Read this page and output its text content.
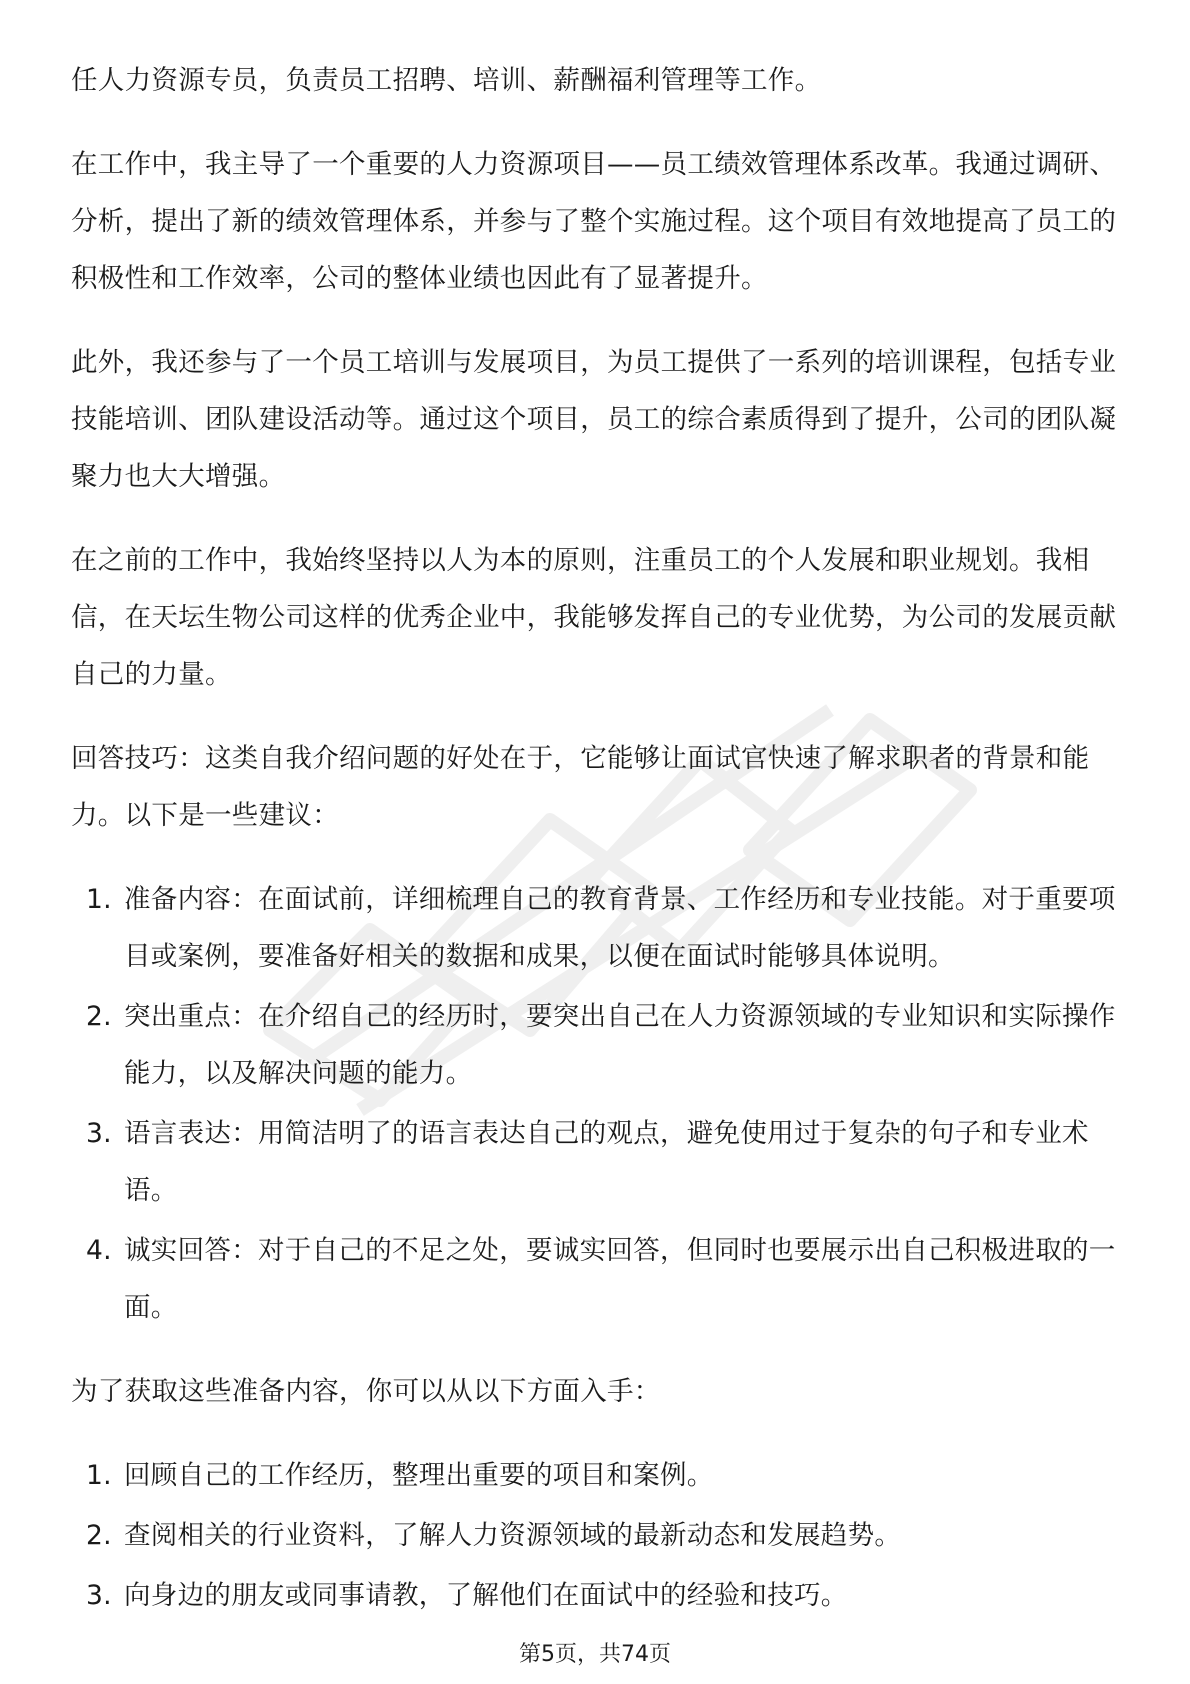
任人力资源专员，负责员工招聘、培训、薪酬福利管理等工作。

在工作中，我主导了一个重要的人力资源项目——员工绩效管理体系改革。我通过调研、分析，提出了新的绩效管理体系，并参与了整个实施过程。这个项目有效地提高了员工的积极性和工作效率，公司的整体业绩也因此有了显著提升。

此外，我还参与了一个员工培训与发展项目，为员工提供了一系列的培训课程，包括专业技能培训、团队建设活动等。通过这个项目，员工的综合素质得到了提升，公司的团队凝聚力也大大增强。

在之前的工作中，我始终坚持以人为本的原则，注重员工的个人发展和职业规划。我相信，在天坛生物公司这样的优秀企业中，我能够发挥自己的专业优势，为公司的发展贡献自己的力量。

回答技巧：这类自我介绍问题的好处在于，它能够让面试官快速了解求职者的背景和能力。以下是一些建议：

1. 准备内容：在面试前，详细梳理自己的教育背景、工作经历和专业技能。对于重要项目或案例，要准备好相关的数据和成果，以便在面试时能够具体说明。
2. 突出重点：在介绍自己的经历时，要突出自己在人力资源领域的专业知识和实际操作能力，以及解决问题的能力。
3. 语言表达：用简洁明了的语言表达自己的观点，避免使用过于复杂的句子和专业术语。
4. 诚实回答：对于自己的不足之处，要诚实回答，但同时也要展示出自己积极进取的一面。

为了获取这些准备内容，你可以从以下方面入手：

1. 回顾自己的工作经历，整理出重要的项目和案例。
2. 查阅相关的行业资料，了解人力资源领域的最新动态和发展趋势。
3. 向身边的朋友或同事请教，了解他们在面试中的经验和技巧。
第5页，共74页
